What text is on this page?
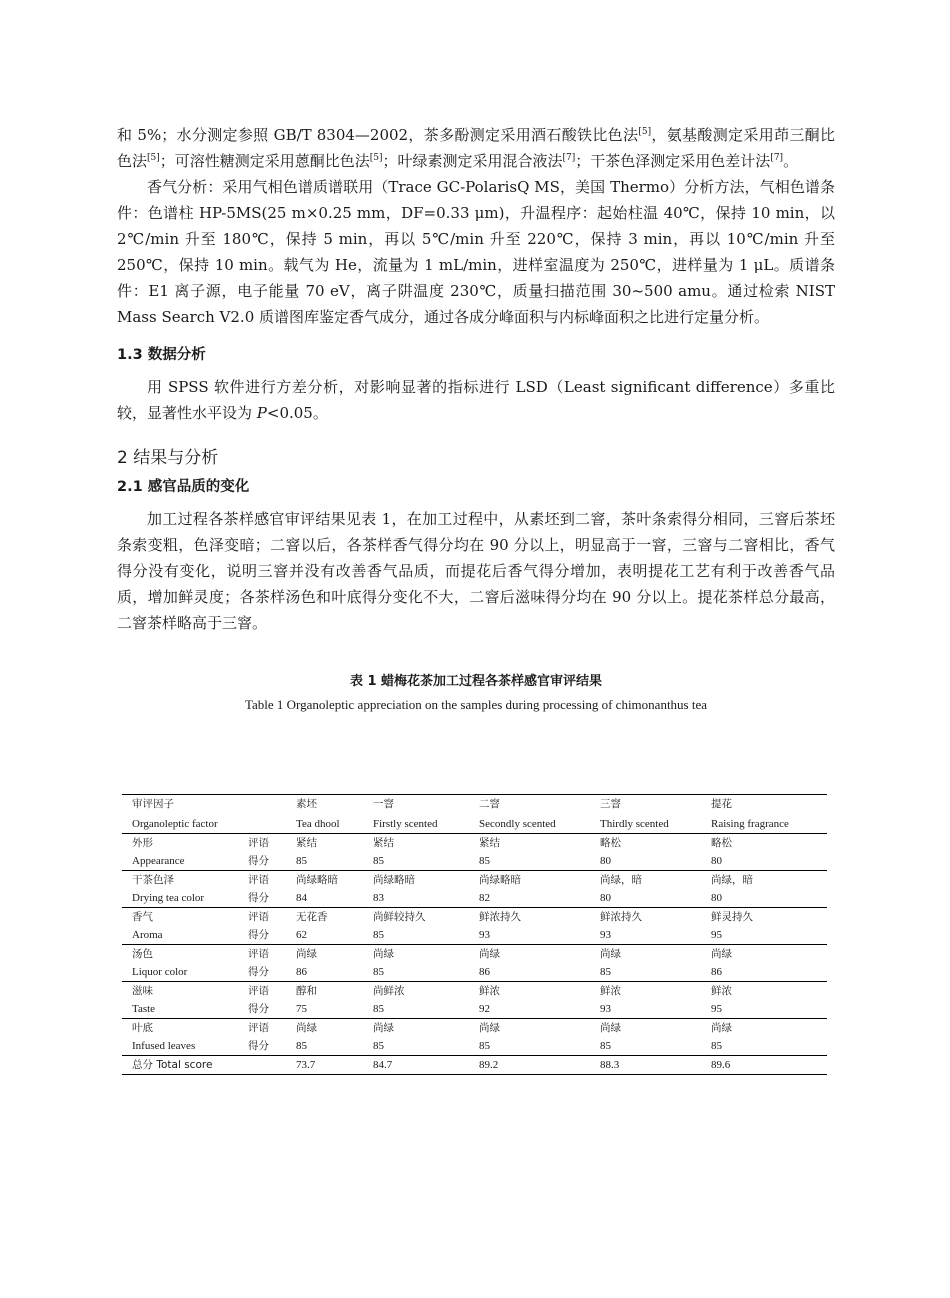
和 5%；水分测定参照 GB/T 8304—2002，茶多酚测定采用酒石酸铁比色法[5]，氨基酸测定采用茚三酮比色法[5]；可溶性糖测定采用蒽酮比色法[5]；叶绿素测定采用混合液法[7]；干茶色泽测定采用色差计法[7]。

香气分析：采用气相色谱质谱联用（Trace GC-PolarisQ MS，美国 Thermo）分析方法，气相色谱条件：色谱柱 HP-5MS(25 m×0.25 mm，DF=0.33 μm)，升温程序：起始柱温 40℃，保持 10 min，以 2℃/min 升至 180℃，保持 5 min，再以 5℃/min 升至 220℃，保持 3 min，再以 10℃/min 升至 250℃，保持 10 min。载气为 He，流量为 1 mL/min，进样室温度为 250℃，进样量为 1 μL。质谱条件：E1 离子源，电子能量 70 eV，离子阱温度 230℃，质量扫描范围 30~500 amu。通过检索 NIST Mass Search V2.0 质谱图库鉴定香气成分，通过各成分峰面积与内标峰面积之比进行定量分析。

1.3 数据分析

用 SPSS 软件进行方差分析，对影响显著的指标进行 LSD（Least significant difference）多重比较，显著性水平设为 P<0.05。

2 结果与分析
2.1 感官品质的变化

加工过程各茶样感官审评结果见表 1，在加工过程中，从素坯到二窨，茶叶条索得分相同，三窨后茶坯条索变粗，色泽变暗；二窨以后，各茶样香气得分均在 90 分以上，明显高于一窨，三窨与二窨相比，香气得分没有变化，说明三窨并没有改善香气品质，而提花后香气得分增加，表明提花工艺有利于改善香气品质，增加鲜灵度；各茶样汤色和叶底得分变化不大，二窨后滋味得分均在 90 分以上。提花茶样总分最高，二窨茶样略高于三窨。

表 1 蜡梅花茶加工过程各茶样感官审评结果
Table 1 Organoleptic appreciation on the samples during processing of chimonanthus tea
	审评因子		素坯	一窨	二窨	三窨	提花
	Organoleptic factor		Tea dhool	Firstly scented	Secondly scented	Thirdly scented	Raising fragrance
	外形	评语	紧结	紧结	紧结	略松	略松
	Appearance	得分	85	85	85	80	80
	干茶色泽	评语	尚绿略暗	尚绿略暗	尚绿略暗	尚绿，暗	尚绿，暗
	Drying tea color	得分	84	83	82	80	80
	香气	评语	无花香	尚鲜较持久	鲜浓持久	鲜浓持久	鲜灵持久
	Aroma	得分	62	85	93	93	95
	汤色	评语	尚绿	尚绿	尚绿	尚绿	尚绿
	Liquor color	得分	86	85	86	85	86
	滋味	评语	醇和	尚鲜浓	鲜浓	鲜浓	鲜浓
	Taste	得分	75	85	92	93	95
	叶底	评语	尚绿	尚绿	尚绿	尚绿	尚绿
	Infused leaves	得分	85	85	85	85	85
	总分 Total score		73.7	84.7	89.2	88.3	89.6
